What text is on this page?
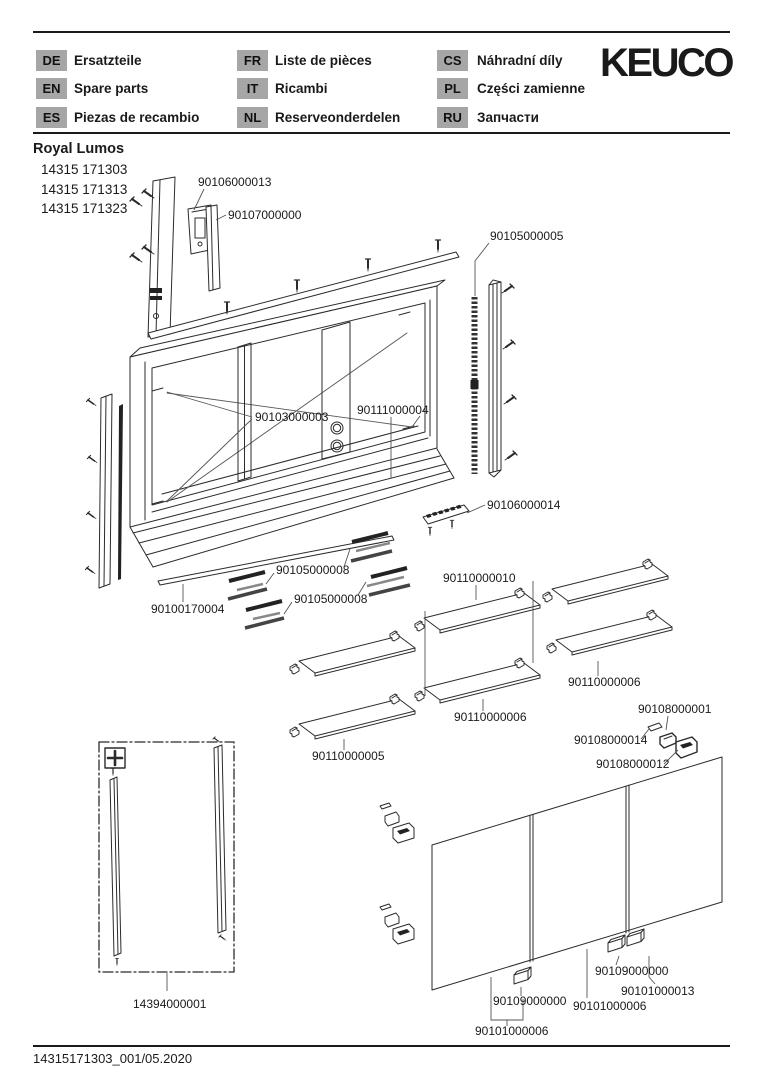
DE Ersatzteile
EN Spare parts
ES	Piezas de recambio
FR	Liste de pièces
IT	Ricambi
NL	Reserveonderdelen
CS	Náhradní díly
PL	Części zamienne
RU	Запчасти
KEUCO
Royal Lumos
14315 171303
14315 171313
14315 171323
90106000013
90107000000
90105000005
90103000003 90111000004
90106000014
90105000008
90105000008
90100170004
90110000010
90110000006
90110000006
90110000005
90108000001
90108000014
90108000012
90109000000
90101000013
90101000006
90109000000
90101000006
14394000001
14315171303_001/05.2020
